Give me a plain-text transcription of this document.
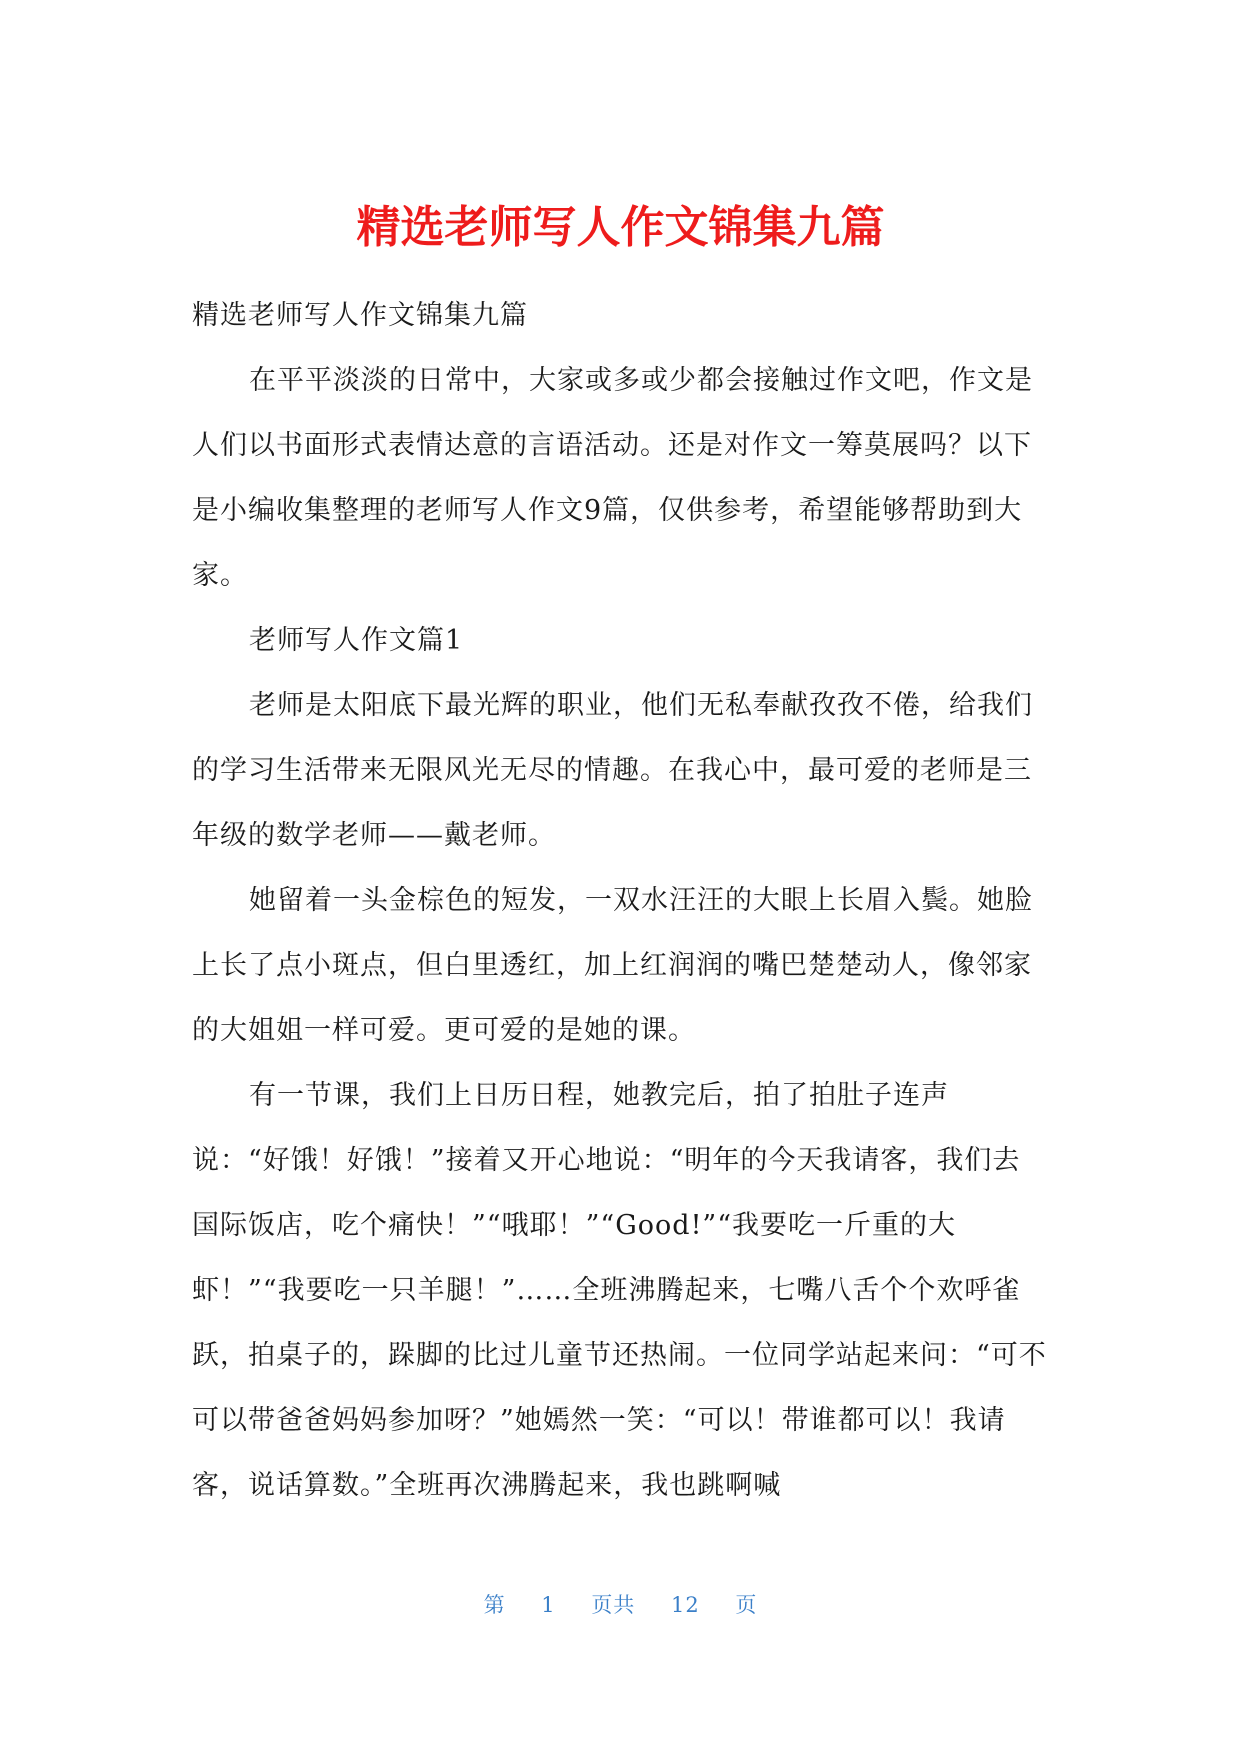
精选老师写人作文锦集九篇

精选老师写人作文锦集九篇

在平平淡淡的日常中，大家或多或少都会接触过作文吧，作文是人们以书面形式表情达意的言语活动。还是对作文一筹莫展吗？以下是小编收集整理的老师写人作文9篇，仅供参考，希望能够帮助到大家。

老师写人作文篇1

老师是太阳底下最光辉的职业，他们无私奉献孜孜不倦，给我们的学习生活带来无限风光无尽的情趣。在我心中，最可爱的老师是三年级的数学老师——戴老师。

她留着一头金棕色的短发，一双水汪汪的大眼上长眉入鬓。她脸上长了点小斑点，但白里透红，加上红润润的嘴巴楚楚动人，像邻家的大姐姐一样可爱。更可爱的是她的课。

有一节课，我们上日历日程，她教完后，拍了拍肚子连声说：“好饿！好饿！”接着又开心地说：“明年的今天我请客，我们去国际饭店，吃个痛快！”“哦耶！”“Good!”“我要吃一斤重的大虾！”“我要吃一只羊腿！”……全班沸腾起来，七嘴八舌个个欢呼雀跃，拍桌子的，跺脚的比过儿童节还热闹。一位同学站起来问：“可不可以带爸爸妈妈参加呀？”她嫣然一笑：“可以！带谁都可以！我请客，说话算数。”全班再次沸腾起来，我也跳啊喊

第 1 页共 12 页
